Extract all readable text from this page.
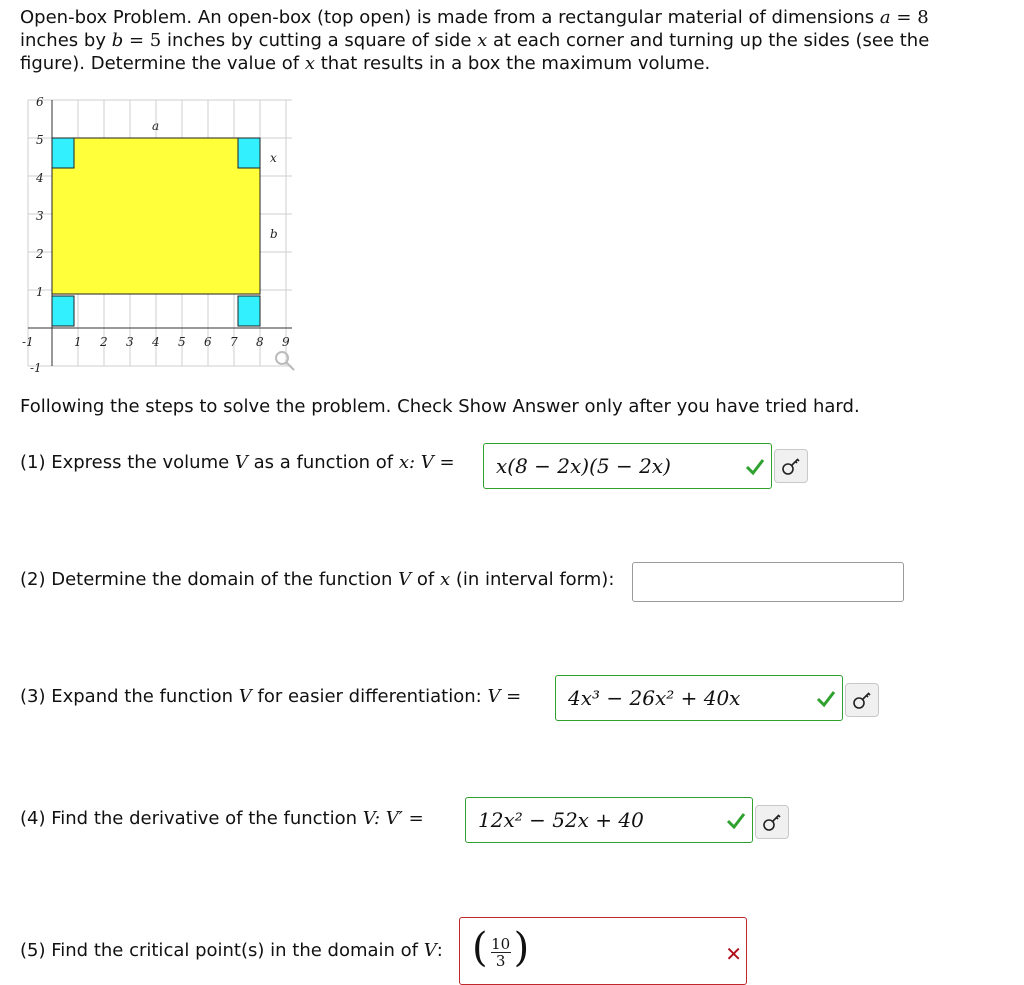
Open-box Problem. An open-box (top open) is made from a rectangular material of dimensions a = 8 inches by b = 5 inches by cutting a square of side x at each corner and turning up the sides (see the figure). Determine the value of x that results in a box the maximum volume.
6
5
4
3
2
1
-1
-1	1 2 3 4 5 6 7 8 9
a
x
b
Following the steps to solve the problem. Check Show Answer only after you have tried hard.
(1) Express the volume V as a function of x: V = x(8 − 2x)(5 − 2x)
(2) Determine the domain of the function V of x (in interval form):
(3) Expand the function V for easier differentiation: V = 4x³ − 26x² + 40x
(4) Find the derivative of the function V: V′ =	12x² − 52x + 40
(5) Find the critical point(s) in the domain of V: ( $\frac{10}{3}$ )	✕
